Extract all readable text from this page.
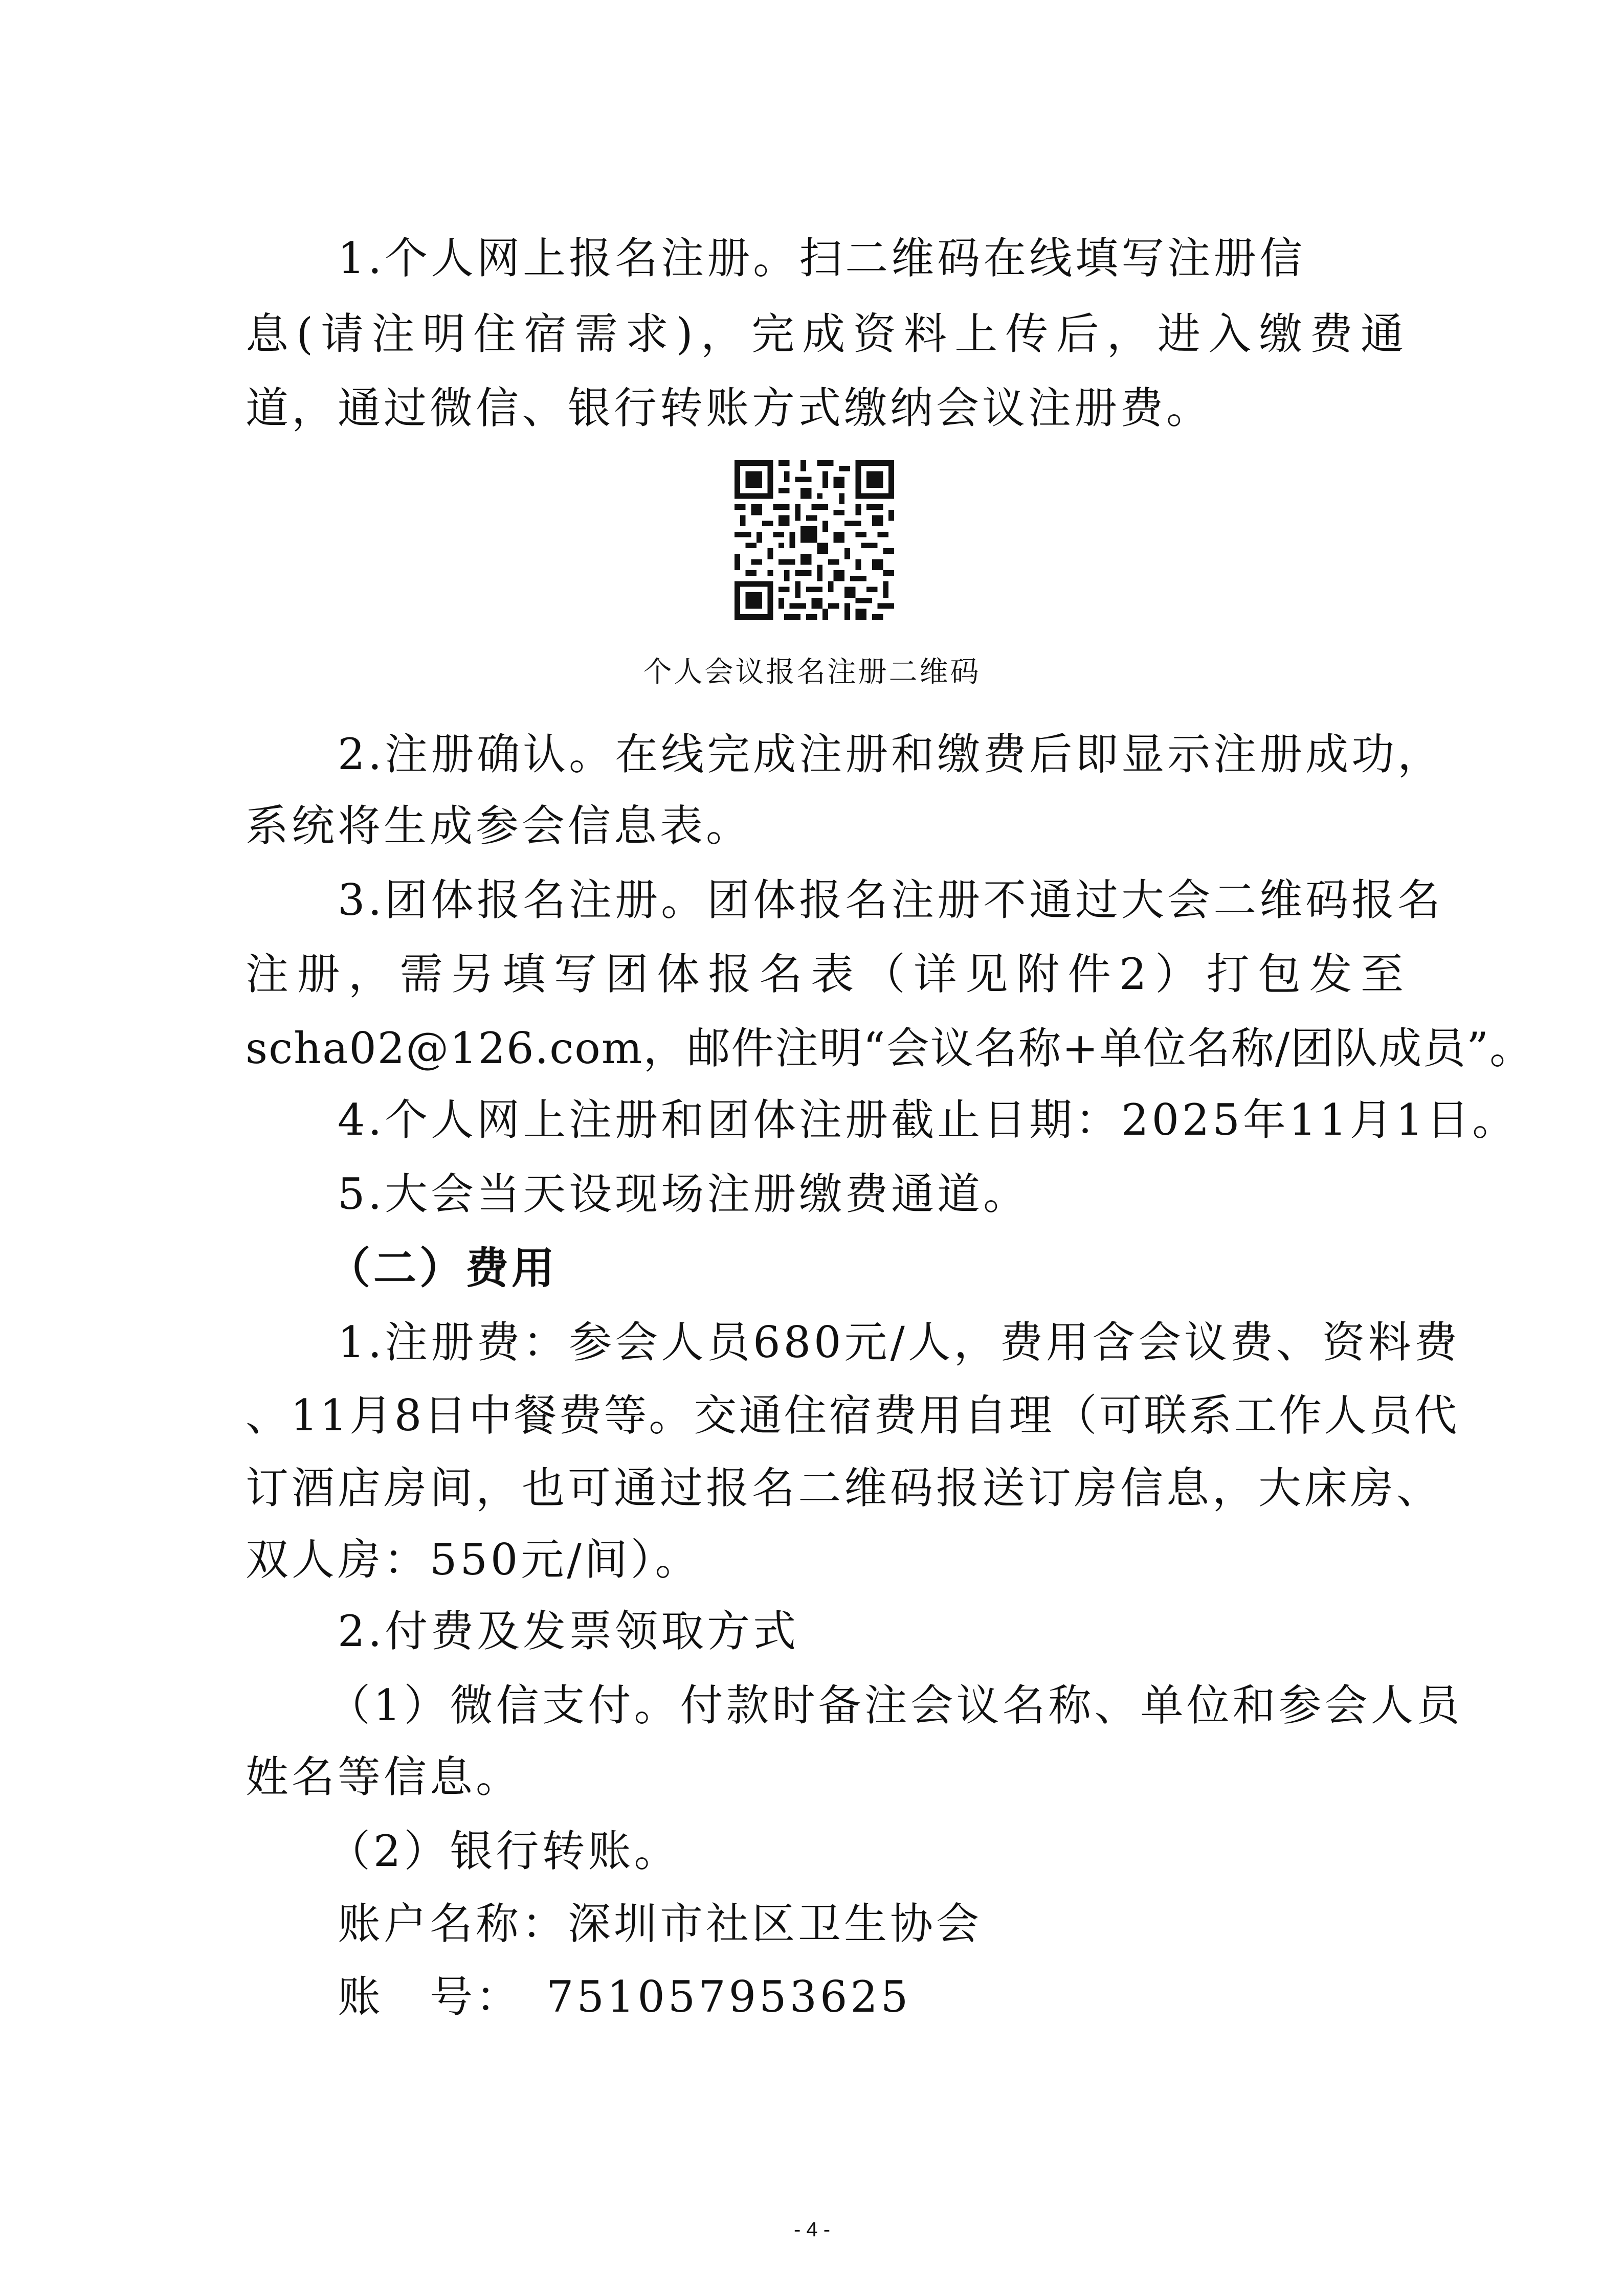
1.个人网上报名注册。扫二维码在线填写注册信
息(请注明住宿需求)，完成资料上传后，进入缴费通
道，通过微信、银行转账方式缴纳会议注册费。
个人会议报名注册二维码
2.注册确认。在线完成注册和缴费后即显示注册成功，
系统将生成参会信息表。
3.团体报名注册。团体报名注册不通过大会二维码报名
注册，需另填写团体报名表（详见附件2）打包发至
scha02@126.com，邮件注明“会议名称+单位名称/团队成员”。
4.个人网上注册和团体注册截止日期：2025年11月1日。
5.大会当天设现场注册缴费通道。
（二）费用
1.注册费：参会人员680元/人，费用含会议费、资料费
、11月8日中餐费等。交通住宿费用自理（可联系工作人员代
订酒店房间，也可通过报名二维码报送订房信息，大床房、
双人房：550元/间）。
2.付费及发票领取方式
（1）微信支付。付款时备注会议名称、单位和参会人员
姓名等信息。
（2）银行转账。
账户名称：深圳市社区卫生协会
账　号：　751057953625
- 4 -
